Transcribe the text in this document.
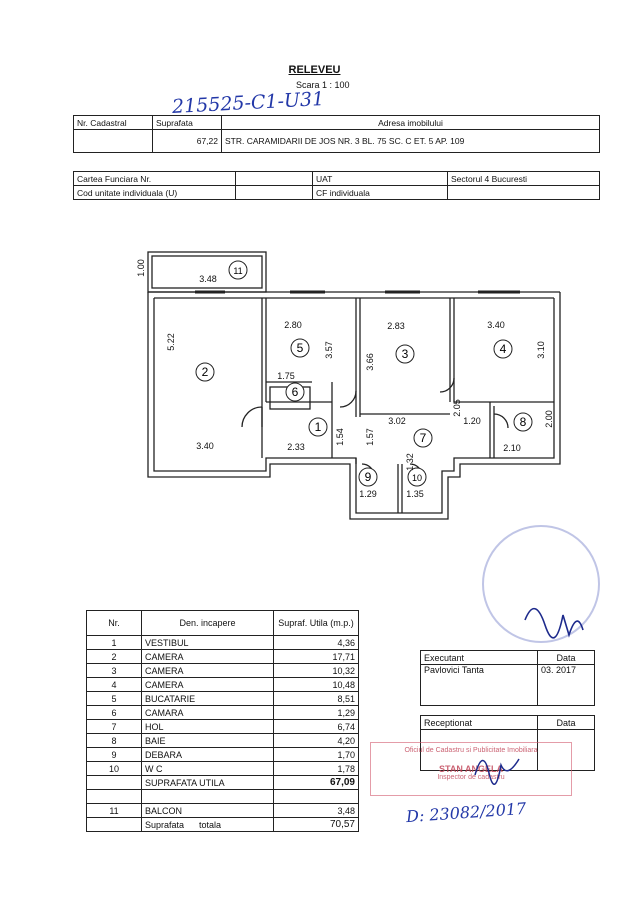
RELEVEU
Scara 1 : 100
215525-C1-U31
Nr. Cadastral	Suprafata	Adresa imobilului
	67,22	STR. CARAMIDARII DE JOS NR. 3 BL. 75 SC. C ET. 5 AP. 109
Cartea Funciara Nr.		UAT	Sectorul 4 Bucuresti
Cod unitate individuala (U)		CF individuala	
1
2
3	4
5
6
7
8
9	10
11
3.48
1.00
5.22
3.40
2.80
3.57
1.75
2.83
3.66
3.40
3.10
1.54
2.33
3.02
1.57
2.05
1.20	2.00
2.10
1.32
1.29	1.35
Nr.	Den. incapere	Supraf. Utila (m.p.)
1	VESTIBUL	4,36
2	CAMERA	17,71
3	CAMERA	10,32
4	CAMERA	10,48
5	BUCATARIE	8,51
6	CAMARA	1,29
7	HOL	6,74
8	BAIE	4,20
9	DEBARA	1,70
10	W C	1,78
	SUPRAFATA UTILA	67,09

11	BALCON	3,48
	Suprafata      totala	70,57
Executant	Data
Pavlovici Tanta	03. 2017
Receptionat	Data

Oficiul de Cadastru si Publicitate Imobiliara
STAN ANGELA
Inspector de cadastru
D: 23082/2017
